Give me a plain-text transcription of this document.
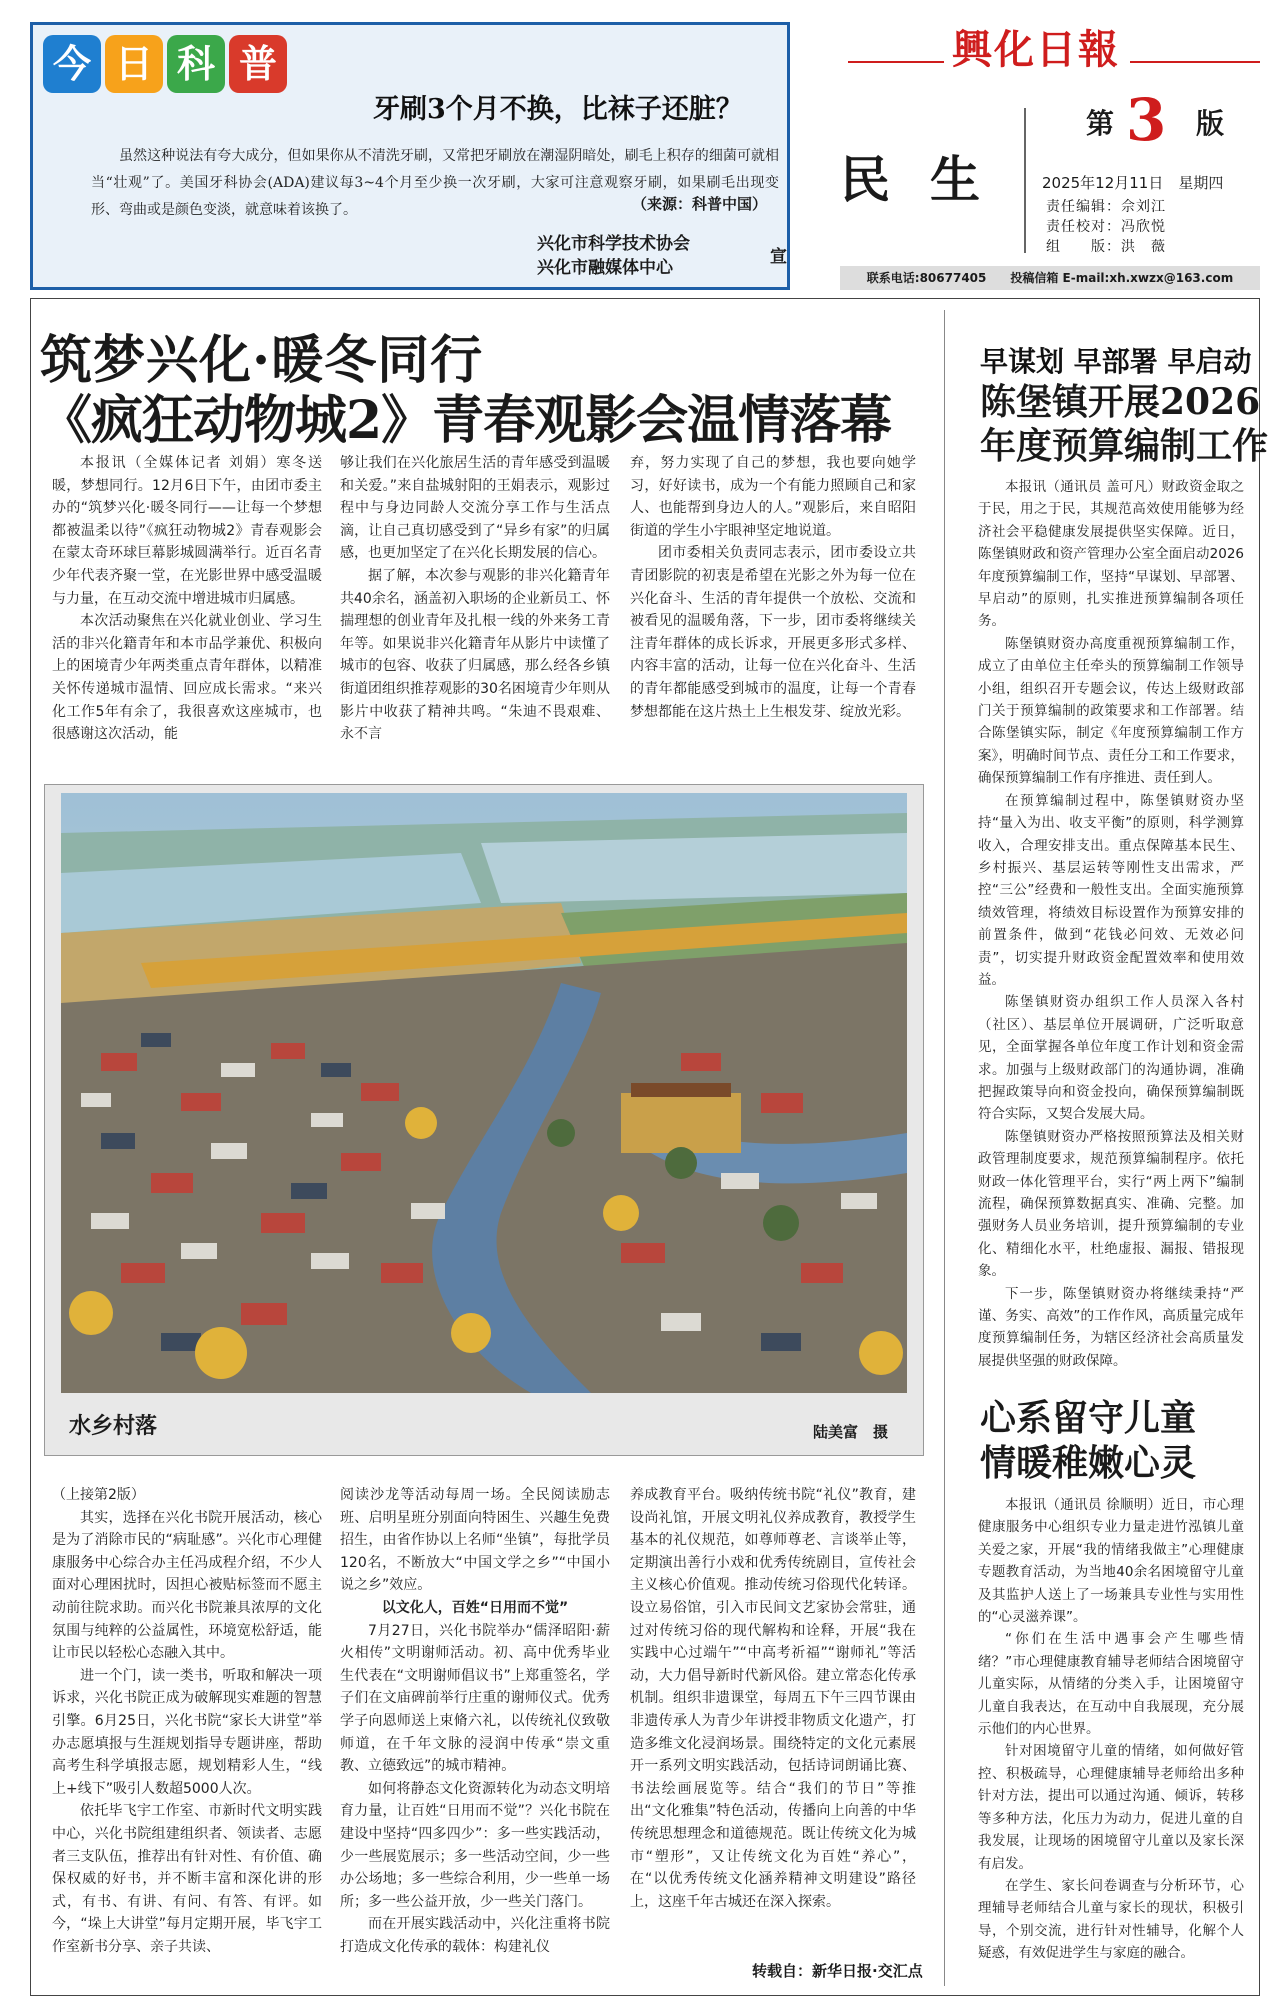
今 日 科 普
牙刷3个月不换，比袜子还脏？
虽然这种说法有夸大成分，但如果你从不清洗牙刷，又常把牙刷放在潮湿阴暗处，刷毛上积存的细菌可就相当“壮观”了。美国牙科协会(ADA)建议每3~4个月至少换一次牙刷，大家可注意观察牙刷，如果刷毛出现变形、弯曲或是颜色变淡，就意味着该换了。	（来源：科普中国）
兴化市科学技术协会
兴化市融媒体中心
宣
興化日報
第 3 版
民生 2025年12月11日　星期四
责任编辑：佘刘江
责任校对：冯欣悦
组　　版：洪　薇
联系电话:80677405　　投稿信箱 E-mail:xh.xwzx@163.com
筑梦兴化·暖冬同行
《疯狂动物城2》青春观影会温情落幕

本报讯（全媒体记者 刘娟）寒冬送暖，梦想同行。12月6日下午，由团市委主办的“筑梦兴化·暖冬同行——让每一个梦想都被温柔以待”《疯狂动物城2》青春观影会在蒙太奇环球巨幕影城圆满举行。近百名青少年代表齐聚一堂，在光影世界中感受温暖与力量，在互动交流中增进城市归属感。

本次活动聚焦在兴化就业创业、学习生活的非兴化籍青年和本市品学兼优、积极向上的困境青少年两类重点青年群体，以精准关怀传递城市温情、回应成长需求。“来兴化工作5年有余了，我很喜欢这座城市，也很感谢这次活动，能

够让我们在兴化旅居生活的青年感受到温暖和关爱。”来自盐城射阳的王娟表示，观影过程中与身边同龄人交流分享工作与生活点滴，让自己真切感受到了“异乡有家”的归属感，也更加坚定了在兴化长期发展的信心。

据了解，本次参与观影的非兴化籍青年共40余名，涵盖初入职场的企业新员工、怀揣理想的创业青年及扎根一线的外来务工青年等。如果说非兴化籍青年从影片中读懂了城市的包容、收获了归属感，那么经各乡镇街道团组织推荐观影的30名困境青少年则从影片中收获了精神共鸣。“朱迪不畏艰难、永不言

弃，努力实现了自己的梦想，我也要向她学习，好好读书，成为一个有能力照顾自己和家人、也能帮到身边人的人。”观影后，来自昭阳街道的学生小宇眼神坚定地说道。

团市委相关负责同志表示，团市委设立共青团影院的初衷是希望在光影之外为每一位在兴化奋斗、生活的青年提供一个放松、交流和被看见的温暖角落，下一步，团市委将继续关注青年群体的成长诉求，开展更多形式多样、内容丰富的活动，让每一位在兴化奋斗、生活的青年都能感受到城市的温度，让每一个青春梦想都能在这片热土上生根发芽、绽放光彩。

水乡村落	陆美富　摄

（上接第2版）

其实，选择在兴化书院开展活动，核心是为了消除市民的“病耻感”。兴化市心理健康服务中心综合办主任冯成程介绍，不少人面对心理困扰时，因担心被贴标签而不愿主动前往院求助。而兴化书院兼具浓厚的文化氛围与纯粹的公益属性，环境宽松舒适，能让市民以轻松心态融入其中。

进一个门，读一类书，听取和解决一项诉求，兴化书院正成为破解现实难题的智慧引擎。6月25日，兴化书院“家长大讲堂”举办志愿填报与生涯规划指导专题讲座，帮助高考生科学填报志愿，规划精彩人生，“线上+线下”吸引人数超5000人次。

依托毕飞宇工作室、市新时代文明实践中心，兴化书院组建组织者、领读者、志愿者三支队伍，推荐出有针对性、有价值、确保权威的好书，并不断丰富和深化讲的形式，有书、有讲、有问、有答、有评。如今，“垛上大讲堂”每月定期开展，毕飞宇工作室新书分享、亲子共读、

阅读沙龙等活动每周一场。全民阅读励志班、启明星班分别面向特困生、兴趣生免费招生，由省作协以上名师“坐镇”，每批学员120名，不断放大“中国文学之乡”“中国小说之乡”效应。

以文化人，百姓“日用而不觉”

7月27日，兴化书院举办“儒泽昭阳·薪火相传”文明谢师活动。初、高中优秀毕业生代表在“文明谢师倡议书”上郑重签名，学子们在文庙碑前举行庄重的谢师仪式。优秀学子向恩师送上束脩六礼，以传统礼仪致敬师道，在千年文脉的浸润中传承“崇文重教、立德致远”的城市精神。

如何将静态文化资源转化为动态文明培育力量，让百姓“日用而不觉”？兴化书院在建设中坚持“四多四少”：多一些实践活动，少一些展览展示；多一些活动空间，少一些办公场地；多一些综合利用，少一些单一场所；多一些公益开放，少一些关门落门。

而在开展实践活动中，兴化注重将书院打造成文化传承的载体：构建礼仪

养成教育平台。吸纳传统书院“礼仪”教育，建设尚礼馆，开展文明礼仪养成教育，教授学生基本的礼仪规范，如尊师尊老、言谈举止等，定期演出善行小戏和优秀传统剧目，宣传社会主义核心价值观。推动传统习俗现代化转译。设立易俗馆，引入市民间文艺家协会常驻，通过对传统习俗的现代解构和诠释，开展“我在实践中心过端午”“中高考祈福”“谢师礼”等活动，大力倡导新时代新风俗。建立常态化传承机制。组织非遗课堂，每周五下午三四节课由非遗传承人为青少年讲授非物质文化遗产，打造多维文化浸润场景。围绕特定的文化元素展开一系列文明实践活动，包括诗词朗诵比赛、书法绘画展览等。结合“我们的节日”等推出“文化雅集”特色活动，传播向上向善的中华传统思想理念和道德规范。既让传统文化为城市“塑形”，又让传统文化为百姓“养心”，在“以优秀传统文化涵养精神文明建设”路径上，这座千年古城还在深入探索。

转载自：新华日报·交汇点
早谋划 早部署 早启动
陈堡镇开展2026
年度预算编制工作

本报讯（通讯员 盖可凡）财政资金取之于民，用之于民，其规范高效使用能够为经济社会平稳健康发展提供坚实保障。近日，陈堡镇财政和资产管理办公室全面启动2026年度预算编制工作，坚持“早谋划、早部署、早启动”的原则，扎实推进预算编制各项任务。

陈堡镇财资办高度重视预算编制工作，成立了由单位主任牵头的预算编制工作领导小组，组织召开专题会议，传达上级财政部门关于预算编制的政策要求和工作部署。结合陈堡镇实际，制定《年度预算编制工作方案》，明确时间节点、责任分工和工作要求，确保预算编制工作有序推进、责任到人。

在预算编制过程中，陈堡镇财资办坚持“量入为出、收支平衡”的原则，科学测算收入，合理安排支出。重点保障基本民生、乡村振兴、基层运转等刚性支出需求，严控“三公”经费和一般性支出。全面实施预算绩效管理，将绩效目标设置作为预算安排的前置条件，做到“花钱必问效、无效必问责”，切实提升财政资金配置效率和使用效益。

陈堡镇财资办组织工作人员深入各村（社区）、基层单位开展调研，广泛听取意见，全面掌握各单位年度工作计划和资金需求。加强与上级财政部门的沟通协调，准确把握政策导向和资金投向，确保预算编制既符合实际，又契合发展大局。

陈堡镇财资办严格按照预算法及相关财政管理制度要求，规范预算编制程序。依托财政一体化管理平台，实行“两上两下”编制流程，确保预算数据真实、准确、完整。加强财务人员业务培训，提升预算编制的专业化、精细化水平，杜绝虚报、漏报、错报现象。

下一步，陈堡镇财资办将继续秉持“严谨、务实、高效”的工作作风，高质量完成年度预算编制任务，为辖区经济社会高质量发展提供坚强的财政保障。

心系留守儿童
情暖稚嫩心灵

本报讯（通讯员 徐顺明）近日，市心理健康服务中心组织专业力量走进竹泓镇儿童关爱之家，开展“我的情绪我做主”心理健康专题教育活动，为当地40余名困境留守儿童及其监护人送上了一场兼具专业性与实用性的“心灵滋养课”。

“你们在生活中遇事会产生哪些情绪？”市心理健康教育辅导老师结合困境留守儿童实际，从情绪的分类入手，让困境留守儿童自我表达，在互动中自我展现，充分展示他们的内心世界。

针对困境留守儿童的情绪，如何做好管控、积极疏导，心理健康辅导老师给出多种针对方法，提出可以通过沟通、倾诉，转移等多种方法，化压力为动力，促进儿童的自我发展，让现场的困境留守儿童以及家长深有启发。

在学生、家长问卷调查与分析环节，心理辅导老师结合儿童与家长的现状，积极引导，个别交流，进行针对性辅导，化解个人疑惑，有效促进学生与家庭的融合。
